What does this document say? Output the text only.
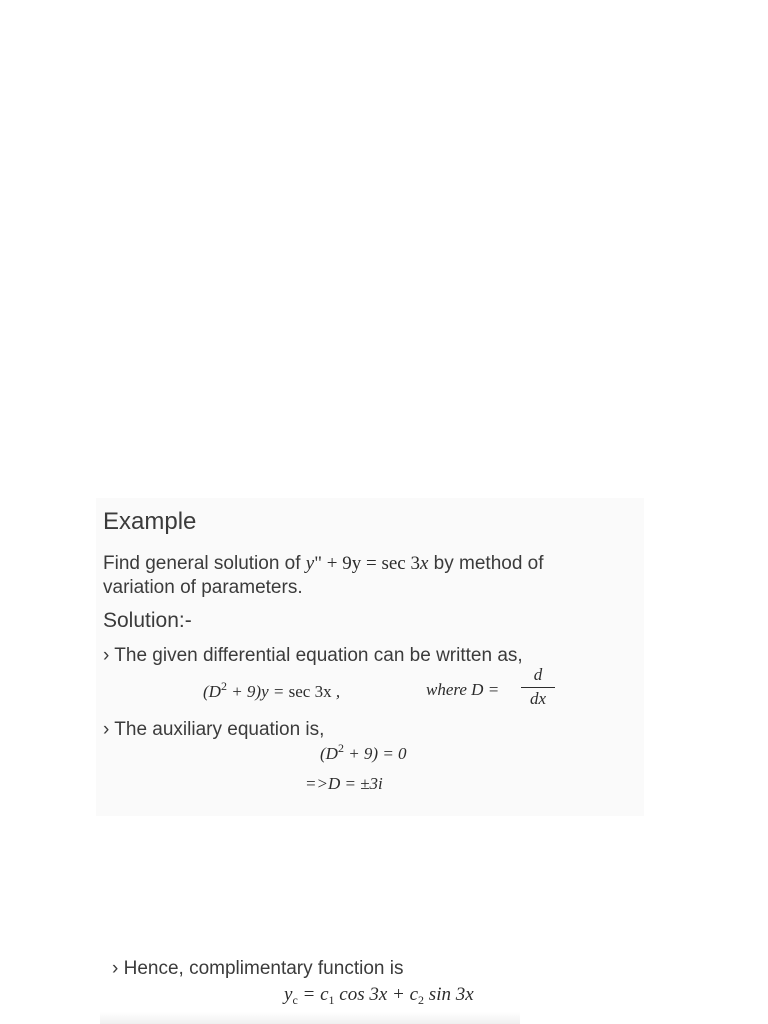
Example
Find general solution of y" + 9y = sec 3x by method of
variation of parameters.
Solution:-
› The given differential equation can be written as,
$(D^2 + 9)y = \sec 3x$ ,	where D =
d
dx
› The auxiliary equation is,
$(D^2 + 9) = 0$
=>D = ±3i
› Hence, complimentary function is
$y_c = c_1$ $\cos 3x + c_2$ sin 3x
